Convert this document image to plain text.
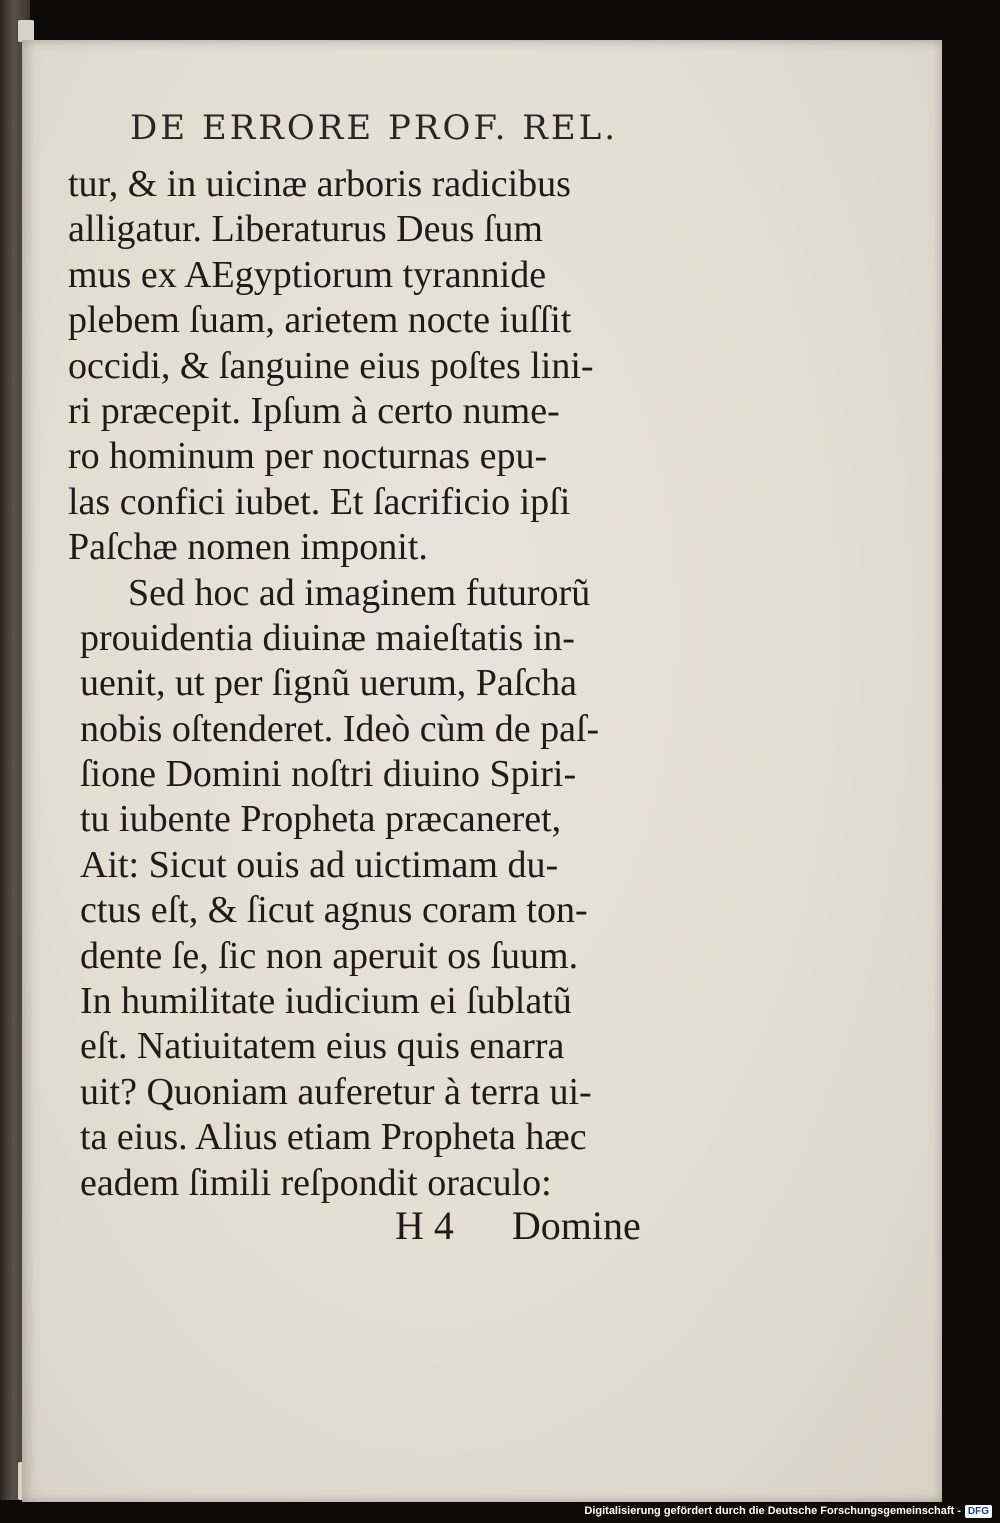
DE ERRORE PROF. REL.
tur, & in uicinæ arboris radicibus
alligatur. Liberaturus Deus ſum
mus ex AEgyptiorum tyrannide
plebem ſuam, arietem nocte iuſſit
occidi, & ſanguine eius poſtes lini-
ri præcepit. Ipſum à certo nume-
ro hominum per nocturnas epu-
las confici iubet. Et ſacrificio ipſi
Paſchæ nomen imponit.
Sed hoc ad imaginem futurorũ
prouidentia diuinæ maieſtatis in-
uenit, ut per ſignũ uerum, Paſcha
nobis oſtenderet. Ideò cùm de paſ-
ſione Domini noſtri diuino Spiri-
tu iubente Propheta præcaneret,
Ait: Sicut ouis ad uictimam du-
ctus eſt, & ſicut agnus coram ton-
dente ſe, ſic non aperuit os ſuum.
In humilitate iudicium ei ſublatũ
eſt. Natiuitatem eius quis enarra
uit? Quoniam auferetur à terra ui-
ta eius. Alius etiam Propheta hæc
eadem ſimili reſpondit oraculo:
H 4 Domine
Digitalisierung gefördert durch die Deutsche Forschungsgemeinschaft - DFG
